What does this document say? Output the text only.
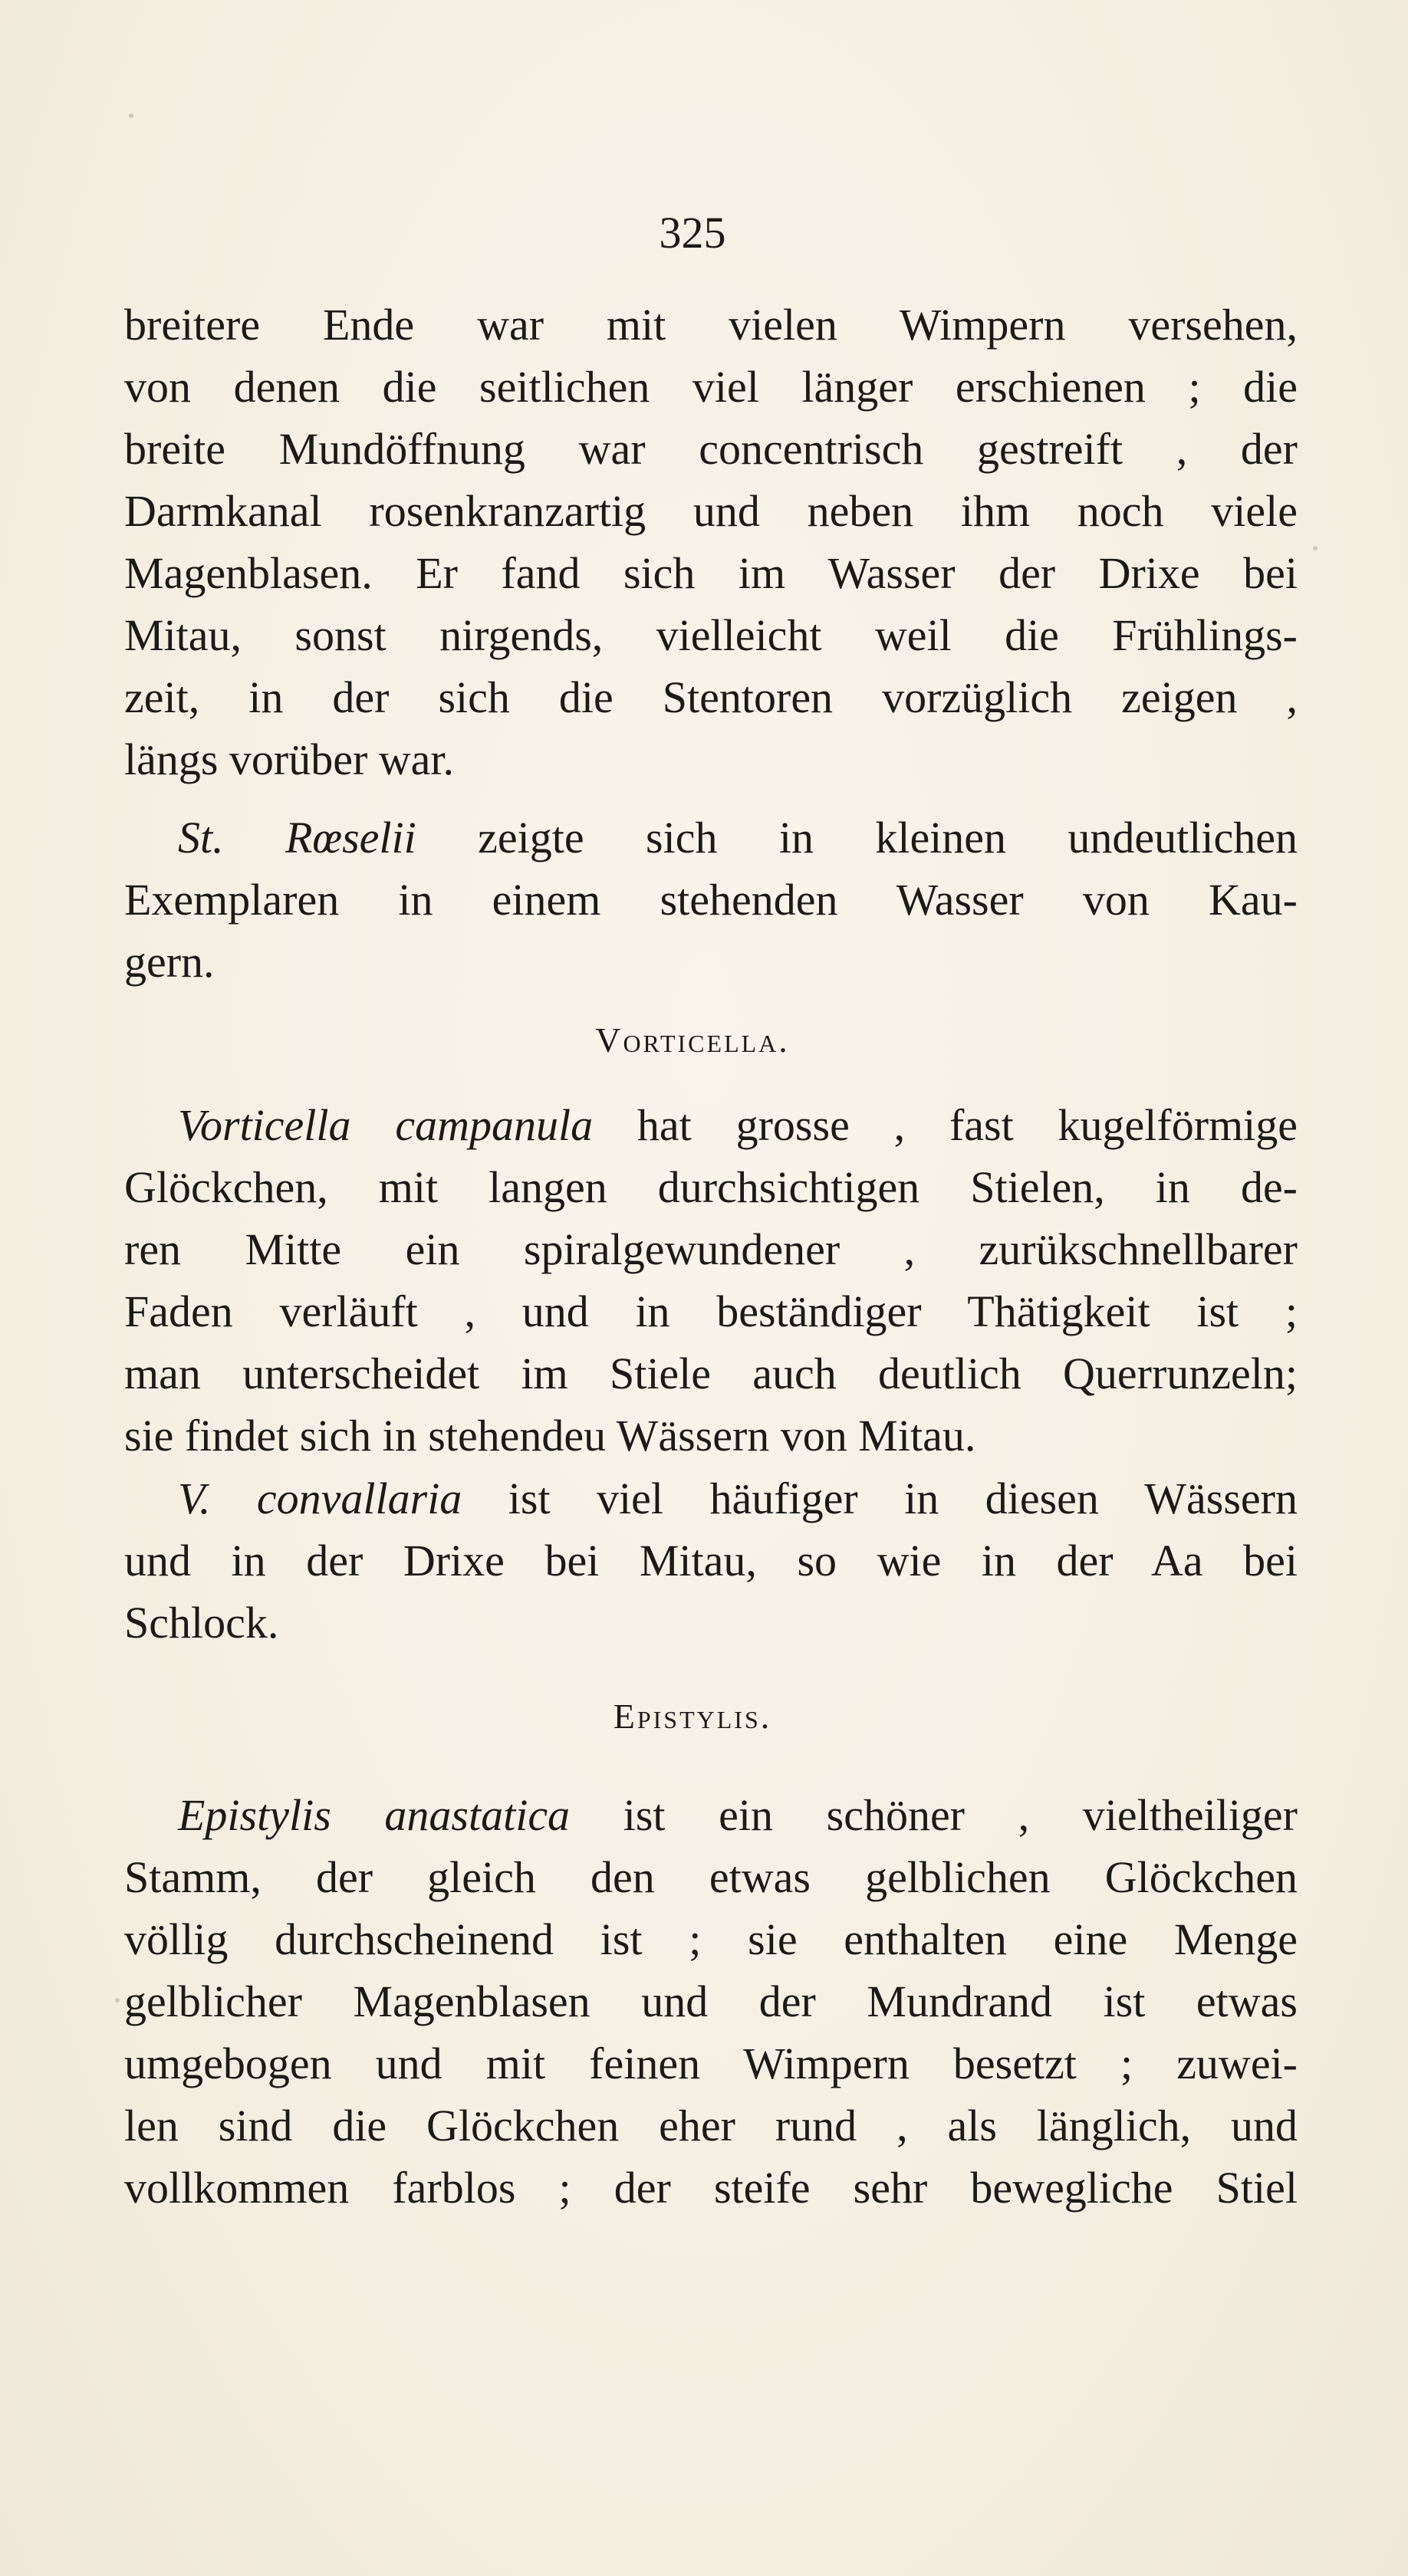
325
breitere Ende war mit vielen Wimpern versehen,
von denen die seitlichen viel länger erschienen ; die
breite Mundöffnung war concentrisch gestreift , der
Darmkanal rosenkranzartig und neben ihm noch viele
Magenblasen. Er fand sich im Wasser der Drixe bei
Mitau, sonst nirgends, vielleicht weil die Frühlings-
zeit, in der sich die Stentoren vorzüglich zeigen ,
längs vorüber war.
St. Rœselii zeigte sich in kleinen undeutlichen
Exemplaren in einem stehenden Wasser von Kau-
gern.
Vorticella.
Vorticella campanula hat grosse , fast kugelförmige
Glöckchen, mit langen durchsichtigen Stielen, in de-
ren Mitte ein spiralgewundener , zurükschnellbarer
Faden verläuft , und in beständiger Thätigkeit ist ;
man unterscheidet im Stiele auch deutlich Querrunzeln;
sie findet sich in stehendeu Wässern von Mitau.
V. convallaria ist viel häufiger in diesen Wässern
und in der Drixe bei Mitau, so wie in der Aa bei
Schlock.
Epistylis.
Epistylis anastatica ist ein schöner , vieltheiliger
Stamm, der gleich den etwas gelblichen Glöckchen
völlig durchscheinend ist ; sie enthalten eine Menge
gelblicher Magenblasen und der Mundrand ist etwas
umgebogen und mit feinen Wimpern besetzt ; zuwei-
len sind die Glöckchen eher rund , als länglich, und
vollkommen farblos ; der steife sehr bewegliche Stiel
